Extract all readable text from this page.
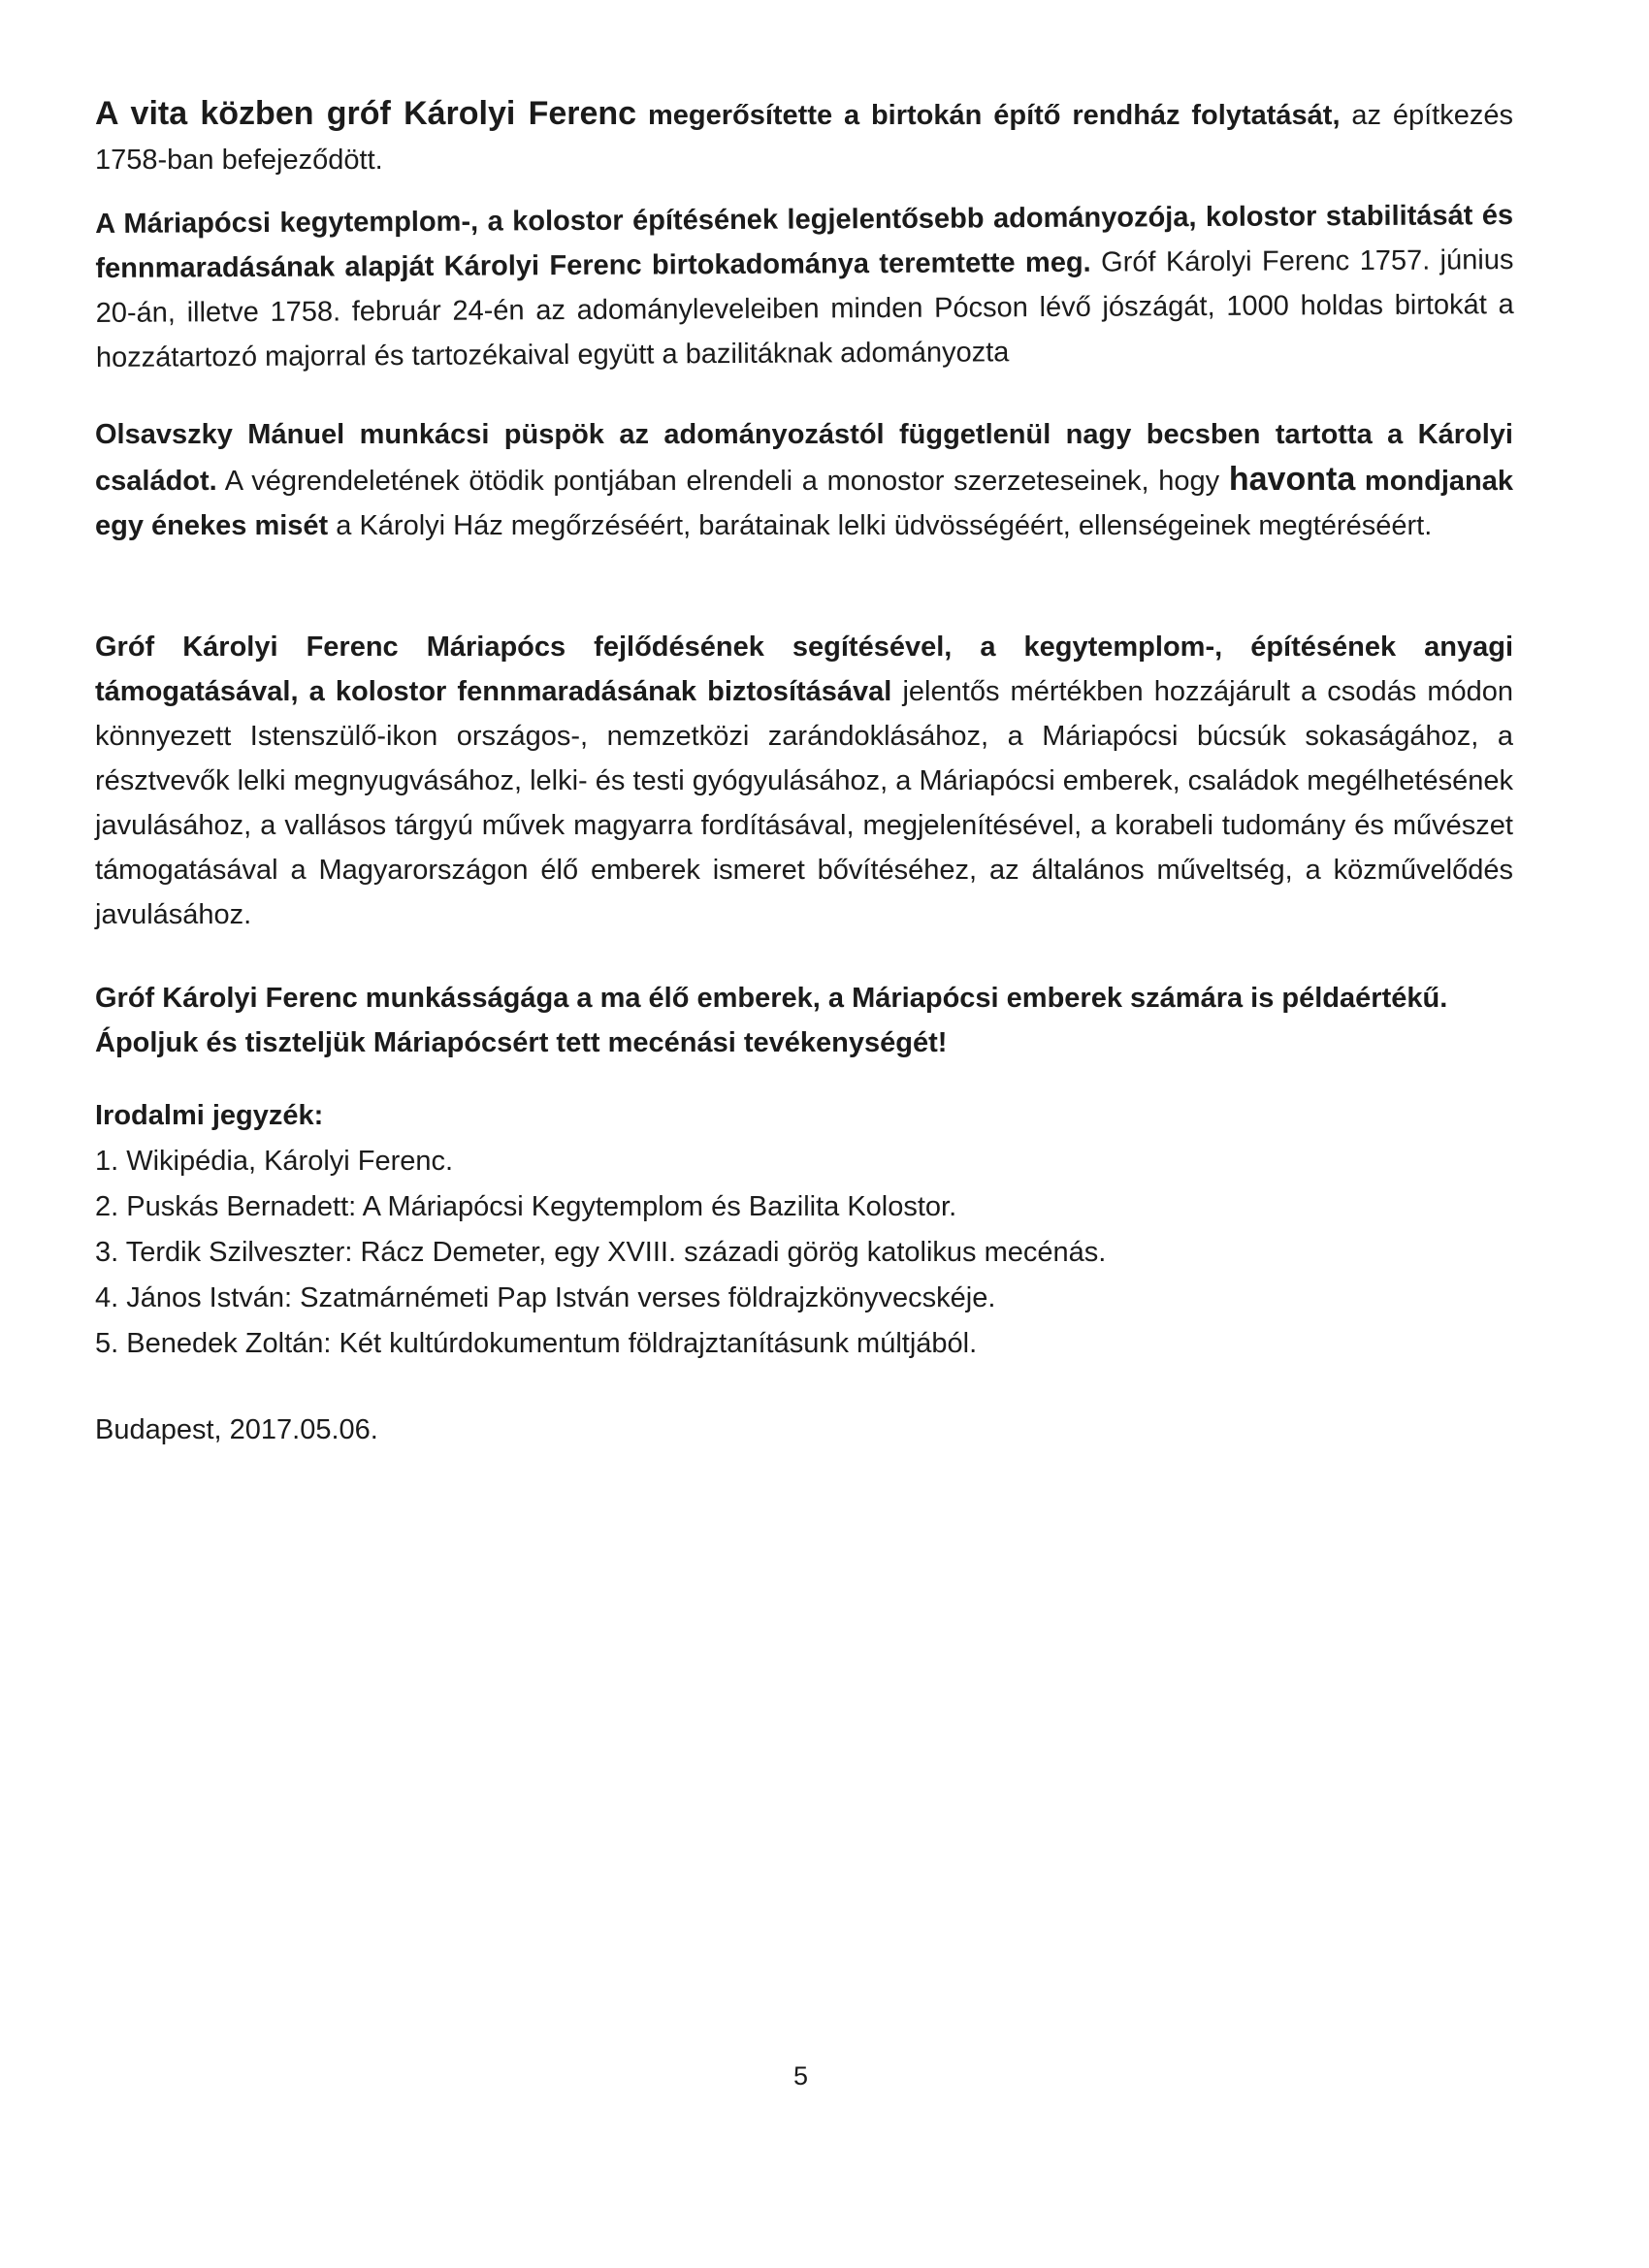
A vita közben gróf Károlyi Ferenc megerősítette a birtokán építő rendház folytatását, az építkezés 1758-ban befejeződött.

A Máriapócsi kegytemplom-, a kolostor építésének legjelentősebb adományozója, kolostor stabilitását és fennmaradásának alapját Károlyi Ferenc birtokadománya teremtette meg. Gróf Károlyi Ferenc 1757. június 20-án, illetve 1758. február 24-én az adományleveleiben minden Pócson lévő jószágát, 1000 holdas birtokát a hozzátartozó majorral és tartozékaival együtt a bazilitáknak adományozta

Olsavszky Mánuel munkácsi püspök az adományozástól függetlenül nagy becsben tartotta a Károlyi családot. A végrendeletének ötödik pontjában elrendeli a monostor szerzeteseinek, hogy havonta mondjanak egy énekes misét a Károlyi Ház megőrzéséért, barátainak lelki üdvösségéért, ellenségeinek megtéréséért.

Gróf Károlyi Ferenc Máriapócs fejlődésének segítésével, a kegytemplom-, építésének anyagi támogatásával, a kolostor fennmaradásának biztosításával jelentős mértékben hozzájárult a csodás módon könnyezett Istenszülő-ikon országos-, nemzetközi zarándoklásához, a Máriapócsi búcsúk sokaságához, a résztvevők lelki megnyugvásához, lelki- és testi gyógyulásához, a Máriapócsi emberek, családok megélhetésének javulásához, a vallásos tárgyú művek magyarra fordításával, megjelenítésével, a korabeli tudomány és művészet támogatásával a Magyarországon élő emberek ismeret bővítéséhez, az általános műveltség, a közművelődés javulásához.

Gróf Károlyi Ferenc munkásságága a ma élő emberek, a Máriapócsi emberek számára is példaértékű.
Ápoljuk és tiszteljük Máriapócsért tett mecénási tevékenységét!

Irodalmi jegyzék:
1. Wikipédia, Károlyi Ferenc.
2. Puskás Bernadett: A Máriapócsi Kegytemplom és Bazilita Kolostor.
3. Terdik Szilveszter: Rácz Demeter, egy XVIII. századi görög katolikus mecénás.
4. János István: Szatmárnémeti Pap István verses földrajzkönyvecskéje.
5. Benedek Zoltán: Két kultúrdokumentum földrajztanításunk múltjából.
Budapest, 2017.05.06.
5
